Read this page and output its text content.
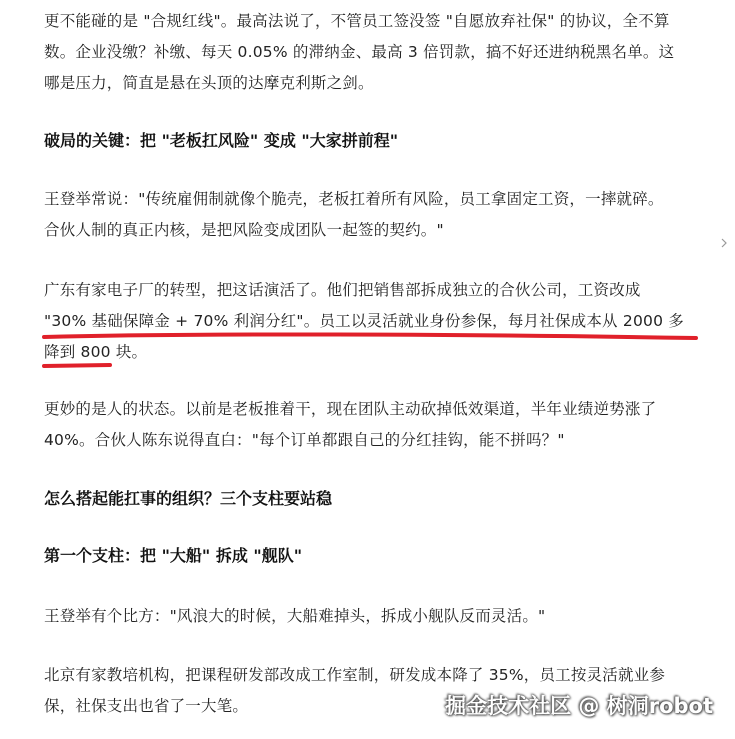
更不能碰的是 "合规红线"。最高法说了，不管员工签没签 "自愿放弃社保" 的协议，全不算
数。企业没缴？补缴、每天 0.05% 的滞纳金、最高 3 倍罚款，搞不好还进纳税黑名单。这
哪是压力，简直是悬在头顶的达摩克利斯之剑。
破局的关键：把 "老板扛风险" 变成 "大家拼前程"
王登举常说："传统雇佣制就像个脆壳，老板扛着所有风险，员工拿固定工资，一摔就碎。
合伙人制的真正内核，是把风险变成团队一起签的契约。"
广东有家电子厂的转型，把这话演活了。他们把销售部拆成独立的合伙公司，工资改成
"30% 基础保障金 + 70% 利润分红"。员工以灵活就业身份参保，每月社保成本从 2000 多
降到 800 块。
更妙的是人的状态。以前是老板推着干，现在团队主动砍掉低效渠道，半年业绩逆势涨了
40%。合伙人陈东说得直白："每个订单都跟自己的分红挂钩，能不拼吗？"
怎么搭起能扛事的组织？三个支柱要站稳
第一个支柱：把 "大船" 拆成 "舰队"
王登举有个比方："风浪大的时候，大船难掉头，拆成小舰队反而灵活。"
北京有家教培机构，把课程研发部改成工作室制，研发成本降了 35%，员工按灵活就业参
保，社保支出也省了一大笔。	掘金技术社区 @ 树洞robot
